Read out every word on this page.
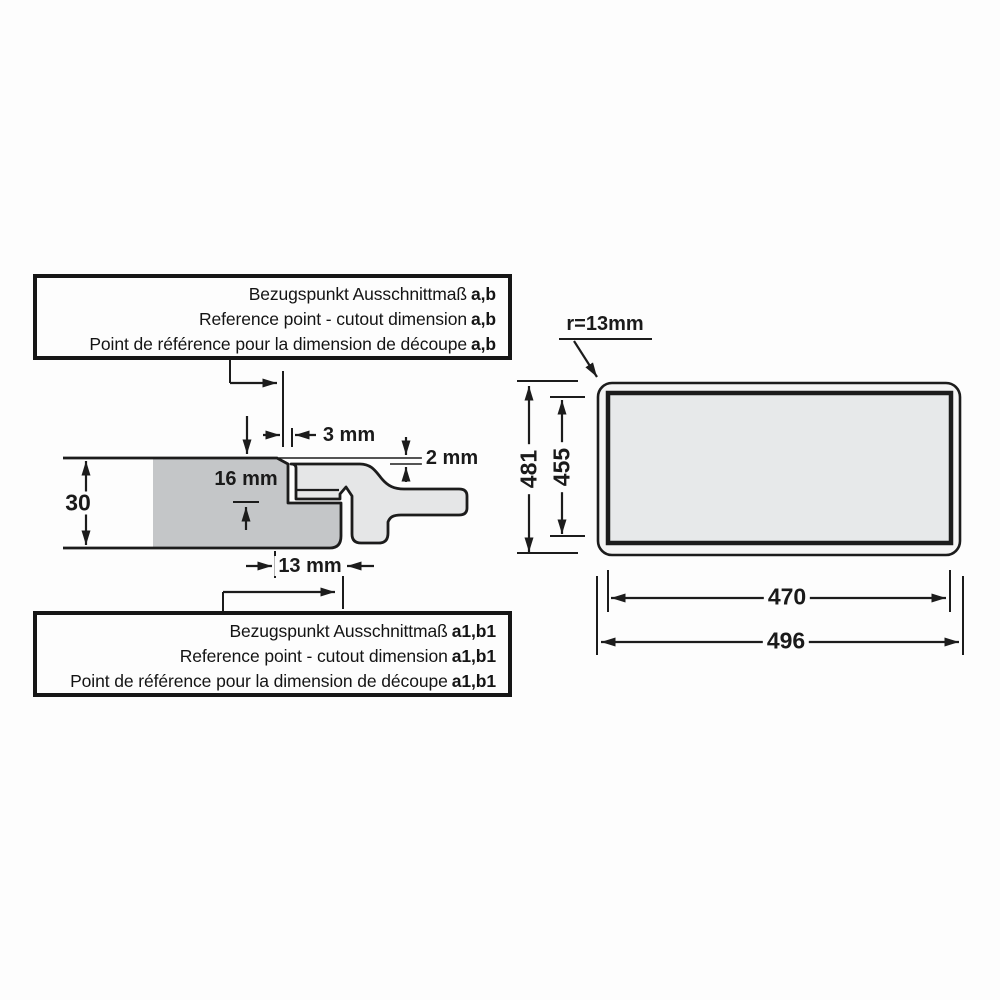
30
3 mm
2 mm
16 mm
13 mm
r=13mm
481 455
470
496
Bezugspunkt Ausschnittmaß a,b
Reference point - cutout dimension a,b
Point de référence pour la dimension de découpe a,b
Bezugspunkt Ausschnittmaß a1,b1
Reference point - cutout dimension a1,b1
Point de référence pour la dimension de découpe a1,b1
